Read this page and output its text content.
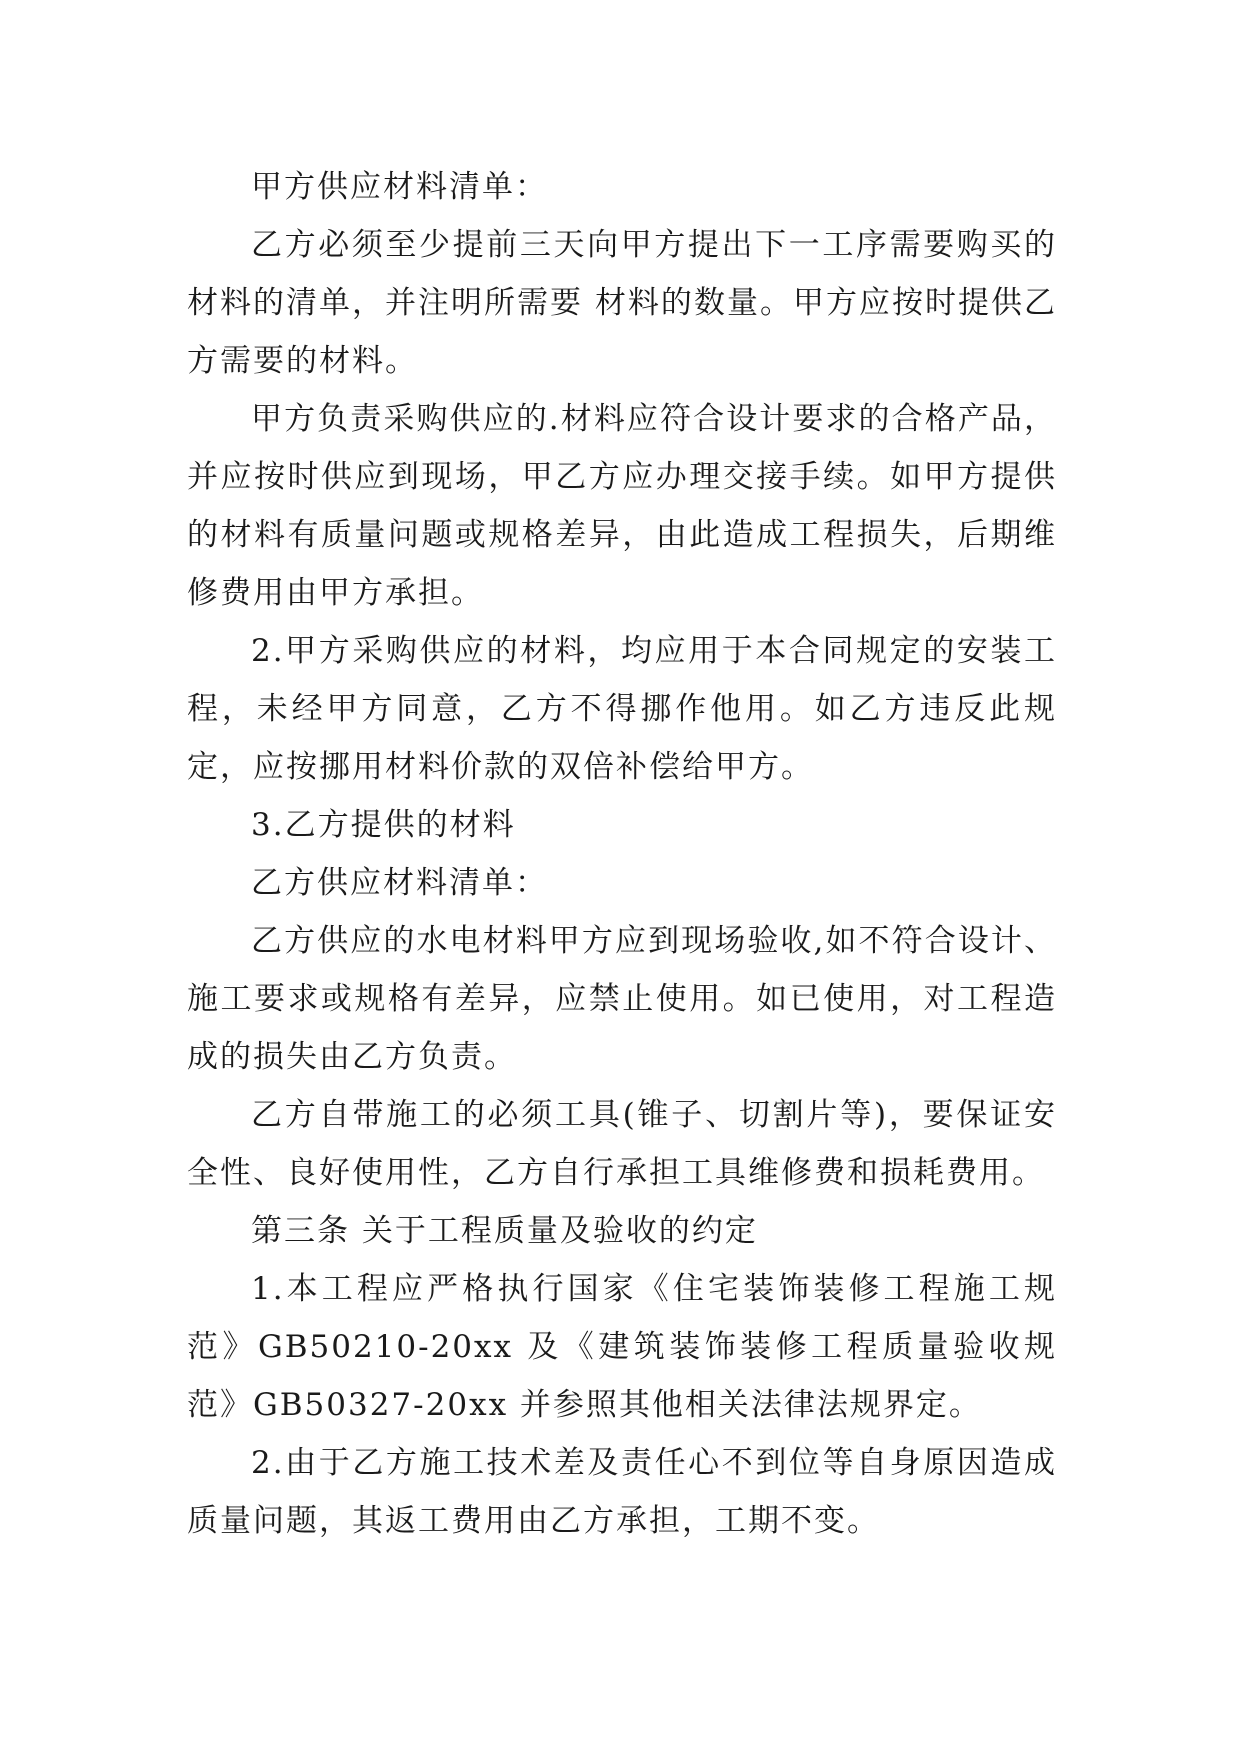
甲方供应材料清单：

乙方必须至少提前三天向甲方提出下一工序需要购买的材料的清单，并注明所需要 材料的数量。甲方应按时提供乙方需要的材料。

甲方负责采购供应的.材料应符合设计要求的合格产品，并应按时供应到现场，甲乙方应办理交接手续。如甲方提供的材料有质量问题或规格差异，由此造成工程损失，后期维修费用由甲方承担。

2.甲方采购供应的材料，均应用于本合同规定的安装工程，未经甲方同意，乙方不得挪作他用。如乙方违反此规定，应按挪用材料价款的双倍补偿给甲方。

3.乙方提供的材料

乙方供应材料清单：

乙方供应的水电材料甲方应到现场验收,如不符合设计、施工要求或规格有差异，应禁止使用。如已使用，对工程造成的损失由乙方负责。

乙方自带施工的必须工具(锥子、切割片等)，要保证安全性、良好使用性，乙方自行承担工具维修费和损耗费用。

第三条 关于工程质量及验收的约定

1.本工程应严格执行国家《住宅装饰装修工程施工规范》GB50210-20xx 及《建筑装饰装修工程质量验收规范》GB50327-20xx 并参照其他相关法律法规界定。

2.由于乙方施工技术差及责任心不到位等自身原因造成质量问题，其返工费用由乙方承担，工期不变。
